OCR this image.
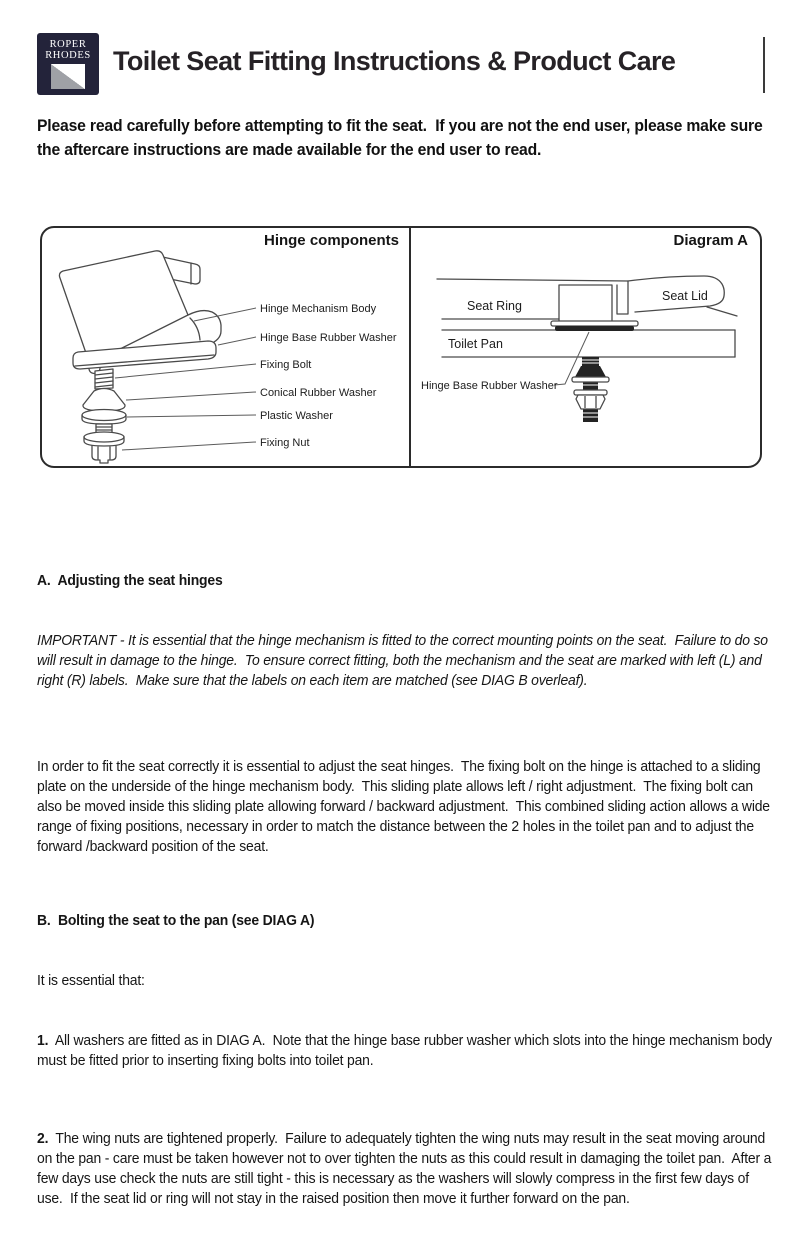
ROPER
RHODES Toilet Seat Fitting Instructions & Product Care
Please read carefully before attempting to fit the seat.  If you are not the end user, please make sure the aftercare instructions are made available for the end user to read.
Hinge components
Hinge Mechanism Body
Hinge Base Rubber Washer
Fixing Bolt
Conical Rubber Washer
Plastic Washer
Fixing Nut
Diagram A
Seat Ring
Seat Lid
Toilet Pan
Hinge Base Rubber Washer

A.  Adjusting the seat hinges

IMPORTANT - It is essential that the hinge mechanism is fitted to the correct mounting points on the seat.  Failure to do so will result in damage to the hinge.  To ensure correct fitting, both the mechanism and the seat are marked with left (L) and right (R) labels.  Make sure that the labels on each item are matched (see DIAG B overleaf).

In order to fit the seat correctly it is essential to adjust the seat hinges.  The fixing bolt on the hinge is attached to a sliding plate on the underside of the hinge mechanism body.  This sliding plate allows left / right adjustment.  The fixing bolt can also be moved inside this sliding plate allowing forward / backward adjustment.  This combined sliding action allows a wide range of fixing positions, necessary in order to match the distance between the 2 holes in the toilet pan and to adjust the forward /backward position of the seat.

B.  Bolting the seat to the pan (see DIAG A)

It is essential that:

1.  All washers are fitted as in DIAG A.  Note that the hinge base rubber washer which slots into the hinge mechanism body must be fitted prior to inserting fixing bolts into toilet pan.

2.  The wing nuts are tightened properly.  Failure to adequately tighten the wing nuts may result in the seat moving around on the pan - care must be taken however not to over tighten the nuts as this could result in damaging the toilet pan.  After a few days use check the nuts are still tight - this is necessary as the washers will slowly compress in the first few days of use.  If the seat lid or ring will not stay in the raised position then move it further forward on the pan.
